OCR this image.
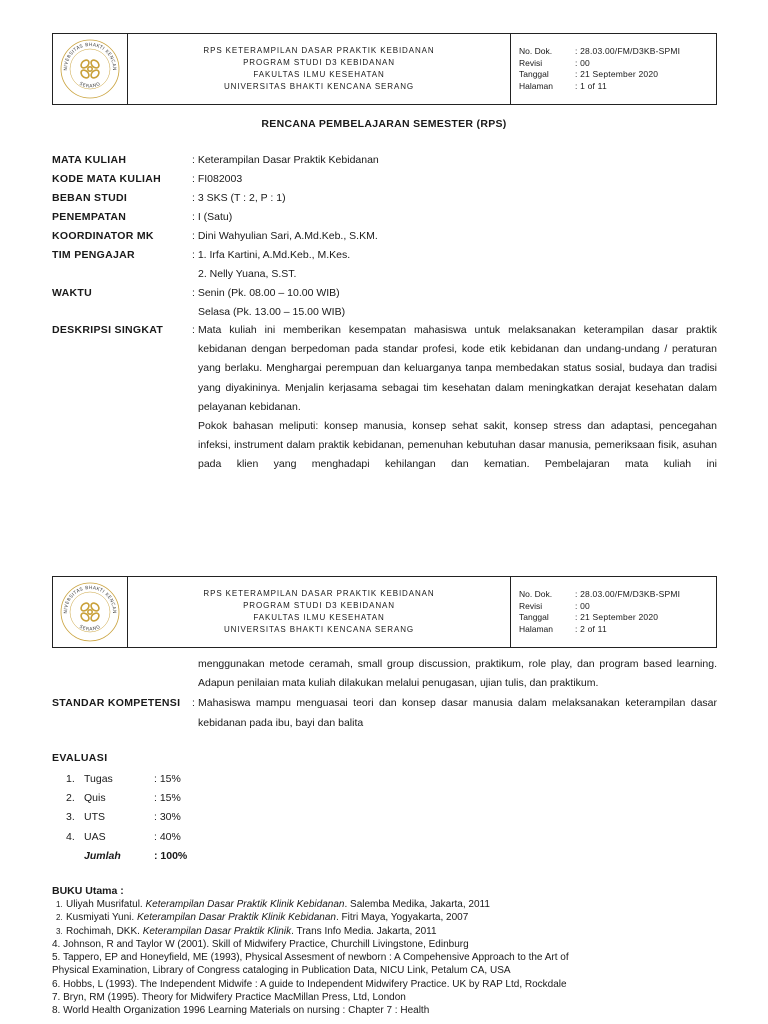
NIVERSITAS BHAKTI KENCAN
SERANG
RPS KETERAMPILAN DASAR PRAKTIK KEBIDANAN
PROGRAM STUDI D3 KEBIDANAN
FAKULTAS ILMU KESEHATAN
UNIVERSITAS BHAKTI KENCANA SERANG
No. Dok.	: 28.03.00/FM/D3KB-SPMI
Revisi	: 00
Tanggal	: 21 September 2020
Halaman	: 1 of 11
RENCANA PEMBELAJARAN SEMESTER (RPS)
MATA KULIAH	: Keterampilan Dasar Praktik Kebidanan
KODE MATA KULIAH	: FI082003
BEBAN STUDI	: 3 SKS (T : 2, P : 1)
PENEMPATAN	: I (Satu)
KOORDINATOR MK	: Dini Wahyulian Sari, A.Md.Keb., S.KM.
TIM PENGAJAR	: 1. Irfa Kartini, A.Md.Keb., M.Kes.
2. Nelly Yuana, S.ST.
WAKTU	: Senin (Pk. 08.00 – 10.00 WIB)
Selasa (Pk. 13.00 – 15.00 WIB)
DESKRIPSI SINGKAT	: Mata kuliah ini memberikan kesempatan mahasiswa untuk melaksanakan keterampilan dasar praktik kebidanan dengan berpedoman pada standar profesi, kode etik kebidanan dan undang-undang / peraturan yang berlaku. Menghargai perempuan dan keluarganya tanpa membedakan status sosial, budaya dan tradisi yang diyakininya. Menjalin kerjasama sebagai tim kesehatan dalam meningkatkan derajat kesehatan dalam pelayanan kebidanan.
Pokok bahasan meliputi: konsep manusia, konsep sehat sakit, konsep stress dan adaptasi, pencegahan infeksi, instrument dalam praktik kebidanan, pemenuhan kebutuhan dasar manusia, pemeriksaan fisik, asuhan pada klien yang menghadapi kehilangan dan kematian. Pembelajaran mata kuliah ini
NIVERSITAS BHAKTI KENCAN
SERANG
RPS KETERAMPILAN DASAR PRAKTIK KEBIDANAN
PROGRAM STUDI D3 KEBIDANAN
FAKULTAS ILMU KESEHATAN
UNIVERSITAS BHAKTI KENCANA SERANG
No. Dok.	: 28.03.00/FM/D3KB-SPMI
Revisi	: 00
Tanggal	: 21 September 2020
Halaman	: 2 of 11
menggunakan metode ceramah, small group discussion, praktikum, role play, dan program based learning. Adapun penilaian mata kuliah dilakukan melalui penugasan, ujian tulis, dan praktikum.
STANDAR KOMPETENSI	: Mahasiswa mampu menguasai teori dan konsep dasar manusia dalam melaksanakan keterampilan dasar kebidanan pada ibu, bayi dan balita
EVALUASI
1. Tugas	: 15%
2. Quis	: 15%
3. UTS	: 30%
4. UAS	: 40%
Jumlah	: 100%
BUKU Utama :
1. Uliyah Musrifatul. Keterampilan Dasar Praktik Klinik Kebidanan. Salemba Medika, Jakarta, 2011
2. Kusmiyati Yuni. Keterampilan Dasar Praktik Klinik Kebidanan. Fitri Maya, Yogyakarta, 2007
3. Rochimah, DKK. Keterampilan Dasar Praktik Klinik. Trans Info Media. Jakarta, 2011
4. Johnson, R and Taylor W (2001). Skill of Midwifery Practice, Churchill Livingstone, Edinburg
5. Tappero, EP and Honeyfield, ME (1993), Physical Assesment of newborn : A Compehensive Approach to the Art of
Physical Examination, Library of Congress cataloging in Publication Data, NICU Link, Petalum CA, USA
6. Hobbs, L (1993). The Independent Midwife : A guide to Independent Midwifery Practice. UK by RAP Ltd, Rockdale
7. Bryn, RM (1995). Theory for Midwifery Practice MacMillan Press, Ltd, London
8. World Health Organization 1996 Learning Materials on nursing : Chapter 7 : Health
